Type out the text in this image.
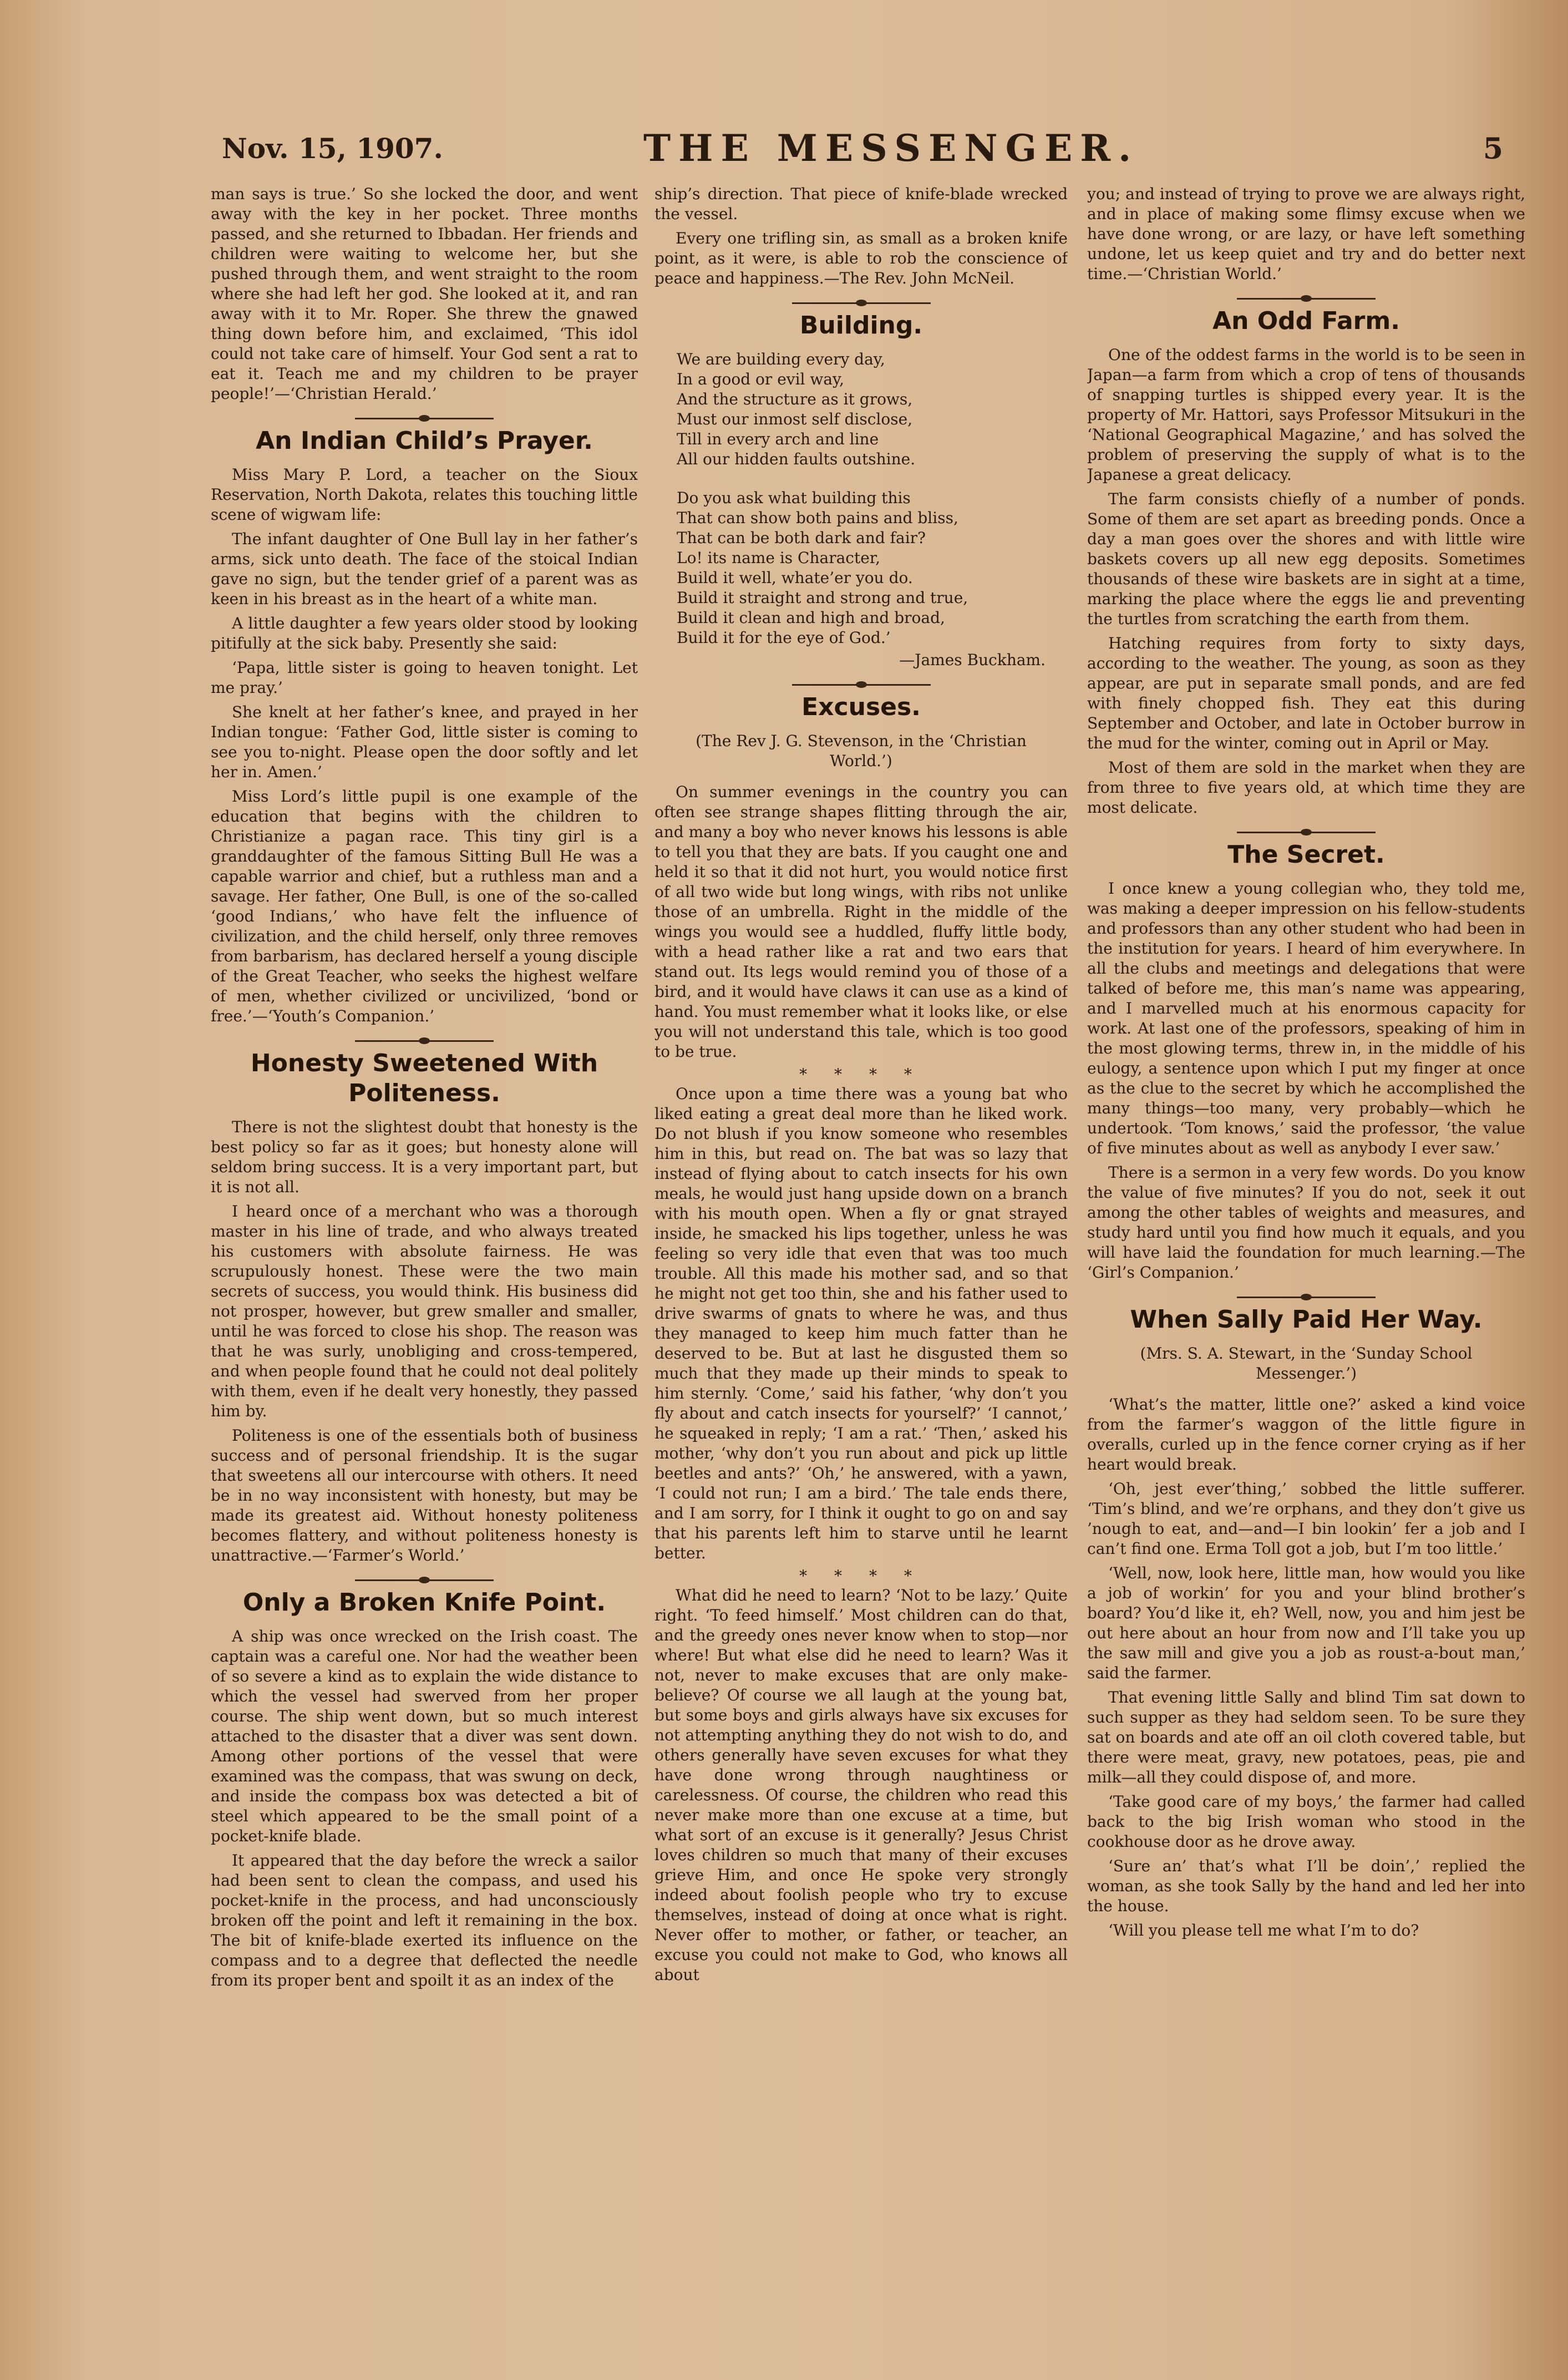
Nov. 15, 1907.	THE MESSENGER.	5

man says is true.’ So she locked the door, and went away with the key in her pocket. Three months passed, and she returned to Ibbadan. Her friends and children were waiting to welcome her, but she pushed through them, and went straight to the room where she had left her god. She looked at it, and ran away with it to Mr. Roper. She threw the gnawed thing down before him, and exclaimed, ‘This idol could not take care of himself. Your God sent a rat to eat it. Teach me and my children to be prayer people!’—‘Christian Herald.’

An Indian Child’s Prayer.

Miss Mary P. Lord, a teacher on the Sioux Reservation, North Dakota, relates this touching little scene of wigwam life:

The infant daughter of One Bull lay in her father’s arms, sick unto death. The face of the stoical Indian gave no sign, but the tender grief of a parent was as keen in his breast as in the heart of a white man.

A little daughter a few years older stood by looking pitifully at the sick baby. Presently she said:

‘Papa, little sister is going to heaven tonight. Let me pray.’

She knelt at her father’s knee, and prayed in her Indian tongue: ‘Father God, little sister is coming to see you to-night. Please open the door softly and let her in. Amen.’

Miss Lord’s little pupil is one example of the education that begins with the children to Christianize a pagan race. This tiny girl is a granddaughter of the famous Sitting Bull He was a capable warrior and chief, but a ruthless man and a savage. Her father, One Bull, is one of the so-called ‘good Indians,’ who have felt the influence of civilization, and the child herself, only three removes from barbarism, has declared herself a young disciple of the Great Teacher, who seeks the highest welfare of men, whether civilized or uncivilized, ‘bond or free.’—‘Youth’s Companion.’

Honesty Sweetened With Politeness.

There is not the slightest doubt that honesty is the best policy so far as it goes; but honesty alone will seldom bring success. It is a very important part, but it is not all.

I heard once of a merchant who was a thorough master in his line of trade, and who always treated his customers with absolute fairness. He was scrupulously honest. These were the two main secrets of success, you would think. His business did not prosper, however, but grew smaller and smaller, until he was forced to close his shop. The reason was that he was surly, unobliging and cross-tempered, and when people found that he could not deal politely with them, even if he dealt very honestly, they passed him by.

Politeness is one of the essentials both of business success and of personal friendship. It is the sugar that sweetens all our intercourse with others. It need be in no way inconsistent with honesty, but may be made its greatest aid. Without honesty politeness becomes flattery, and without politeness honesty is unattractive.—‘Farmer’s World.’

Only a Broken Knife Point.

A ship was once wrecked on the Irish coast. The captain was a careful one. Nor had the weather been of so severe a kind as to explain the wide distance to which the vessel had swerved from her proper course. The ship went down, but so much interest attached to the disaster that a diver was sent down. Among other portions of the vessel that were examined was the compass, that was swung on deck, and inside the compass box was detected a bit of steel which appeared to be the small point of a pocket-knife blade.

It appeared that the day before the wreck a sailor had been sent to clean the compass, and used his pocket-knife in the process, and had unconsciously broken off the point and left it remaining in the box. The bit of knife-blade exerted its influence on the compass and to a degree that deflected the needle from its proper bent and spoilt it as an index of the

ship’s direction. That piece of knife-blade wrecked the vessel.

Every one trifling sin, as small as a broken knife point, as it were, is able to rob the conscience of peace and happiness.—The Rev. John McNeil.

Building.
We are building every day,
In a good or evil way,
And the structure as it grows,
Must our inmost self disclose,
Till in every arch and line
All our hidden faults outshine.
Do you ask what building this
That can show both pains and bliss,
That can be both dark and fair?
Lo! its name is Character,
Build it well, whate’er you do.
Build it straight and strong and true,
Build it clean and high and broad,
Build it for the eye of God.’
—James Buckham.
Excuses.
(The Rev J. G. Stevenson, in the ‘Christian World.’)

On summer evenings in the country you can often see strange shapes flitting through the air, and many a boy who never knows his lessons is able to tell you that they are bats. If you caught one and held it so that it did not hurt, you would notice first of all two wide but long wings, with ribs not unlike those of an umbrella. Right in the middle of the wings you would see a huddled, fluffy little body, with a head rather like a rat and two ears that stand out. Its legs would remind you of those of a bird, and it would have claws it can use as a kind of hand. You must remember what it looks like, or else you will not understand this tale, which is too good to be true.

* * * *

Once upon a time there was a young bat who liked eating a great deal more than he liked work. Do not blush if you know someone who resembles him in this, but read on. The bat was so lazy that instead of flying about to catch insects for his own meals, he would just hang upside down on a branch with his mouth open. When a fly or gnat strayed inside, he smacked his lips together, unless he was feeling so very idle that even that was too much trouble. All this made his mother sad, and so that he might not get too thin, she and his father used to drive swarms of gnats to where he was, and thus they managed to keep him much fatter than he deserved to be. But at last he disgusted them so much that they made up their minds to speak to him sternly. ‘Come,’ said his father, ‘why don’t you fly about and catch insects for yourself?’ ‘I cannot,’ he squeaked in reply; ‘I am a rat.’ ‘Then,’ asked his mother, ‘why don’t you run about and pick up little beetles and ants?’ ‘Oh,’ he answered, with a yawn, ‘I could not run; I am a bird.’ The tale ends there, and I am sorry, for I think it ought to go on and say that his parents left him to starve until he learnt better.

* * * *

What did he need to learn? ‘Not to be lazy.’ Quite right. ‘To feed himself.’ Most children can do that, and the greedy ones never know when to stop—nor where! But what else did he need to learn? Was it not, never to make excuses that are only make-believe? Of course we all laugh at the young bat, but some boys and girls always have six excuses for not attempting anything they do not wish to do, and others generally have seven excuses for what they have done wrong through naughtiness or carelessness. Of course, the children who read this never make more than one excuse at a time, but what sort of an excuse is it generally? Jesus Christ loves children so much that many of their excuses grieve Him, and once He spoke very strongly indeed about foolish people who try to excuse themselves, instead of doing at once what is right. Never offer to mother, or father, or teacher, an excuse you could not make to God, who knows all about

you; and instead of trying to prove we are always right, and in place of making some flimsy excuse when we have done wrong, or are lazy, or have left something undone, let us keep quiet and try and do better next time.—‘Christian World.’

An Odd Farm.

One of the oddest farms in the world is to be seen in Japan—a farm from which a crop of tens of thousands of snapping turtles is shipped every year. It is the property of Mr. Hattori, says Professor Mitsukuri in the ‘National Geographical Magazine,’ and has solved the problem of preserving the supply of what is to the Japanese a great delicacy.

The farm consists chiefly of a number of ponds. Some of them are set apart as breeding ponds. Once a day a man goes over the shores and with little wire baskets covers up all new egg deposits. Sometimes thousands of these wire baskets are in sight at a time, marking the place where the eggs lie and preventing the turtles from scratching the earth from them.

Hatching requires from forty to sixty days, according to the weather. The young, as soon as they appear, are put in separate small ponds, and are fed with finely chopped fish. They eat this during September and October, and late in October burrow in the mud for the winter, coming out in April or May.

Most of them are sold in the market when they are from three to five years old, at which time they are most delicate.

The Secret.

I once knew a young collegian who, they told me, was making a deeper impression on his fellow-students and professors than any other student who had been in the institution for years. I heard of him everywhere. In all the clubs and meetings and delegations that were talked of before me, this man’s name was appearing, and I marvelled much at his enormous capacity for work. At last one of the professors, speaking of him in the most glowing terms, threw in, in the middle of his eulogy, a sentence upon which I put my finger at once as the clue to the secret by which he accomplished the many things—too many, very probably—which he undertook. ‘Tom knows,’ said the professor, ‘the value of five minutes about as well as anybody I ever saw.’

There is a sermon in a very few words. Do you know the value of five minutes? If you do not, seek it out among the other tables of weights and measures, and study hard until you find how much it equals, and you will have laid the foundation for much learning.—The ‘Girl’s Companion.’

When Sally Paid Her Way.
(Mrs. S. A. Stewart, in the ‘Sunday School Messenger.’)

‘What’s the matter, little one?’ asked a kind voice from the farmer’s waggon of the little figure in overalls, curled up in the fence corner crying as if her heart would break.

‘Oh, jest ever’thing,’ sobbed the little sufferer. ‘Tim’s blind, and we’re orphans, and they don’t give us ’nough to eat, and—and—I bin lookin’ fer a job and I can’t find one. Erma Toll got a job, but I’m too little.’

‘Well, now, look here, little man, how would you like a job of workin’ for you and your blind brother’s board? You’d like it, eh? Well, now, you and him jest be out here about an hour from now and I’ll take you up the saw mill and give you a job as roust-a-bout man,’ said the farmer.

That evening little Sally and blind Tim sat down to such supper as they had seldom seen. To be sure they sat on boards and ate off an oil cloth covered table, but there were meat, gravy, new potatoes, peas, pie and milk—all they could dispose of, and more.

‘Take good care of my boys,’ the farmer had called back to the big Irish woman who stood in the cookhouse door as he drove away.

‘Sure an’ that’s what I’ll be doin’,’ replied the woman, as she took Sally by the hand and led her into the house.

‘Will you please tell me what I’m to do?
